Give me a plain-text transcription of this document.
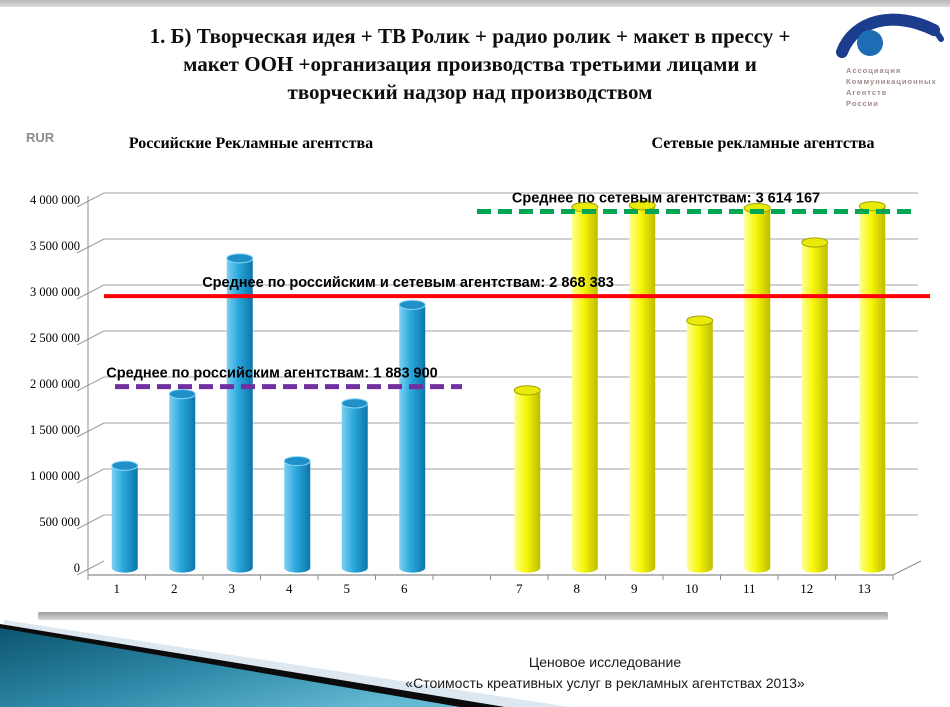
1. Б) Творческая идея + ТВ Ролик + радио ролик + макет в прессу +
макет ООН +организация производства третьими лицами и
творческий надзор над производством
Ассоциация
Коммуникационных
Агентств
России
RUR	Российские Рекламные агентства	Сетевые рекламные агентства
0
500 000
1 000 000
1 500 000
2 000 000
2 500 000
3 000 000
3 500 000
4 000 000
1	2	3	4	5	6	7	8	9	10	11	12	13
Среднее по сетевым агентствам: 3 614 167
Среднее по российским и сетевым агентствам: 2 868 383
Среднее по российским агентствам: 1 883 900
Ценовое исследование
«Стоимость креативных услуг в рекламных агентствах 2013»
